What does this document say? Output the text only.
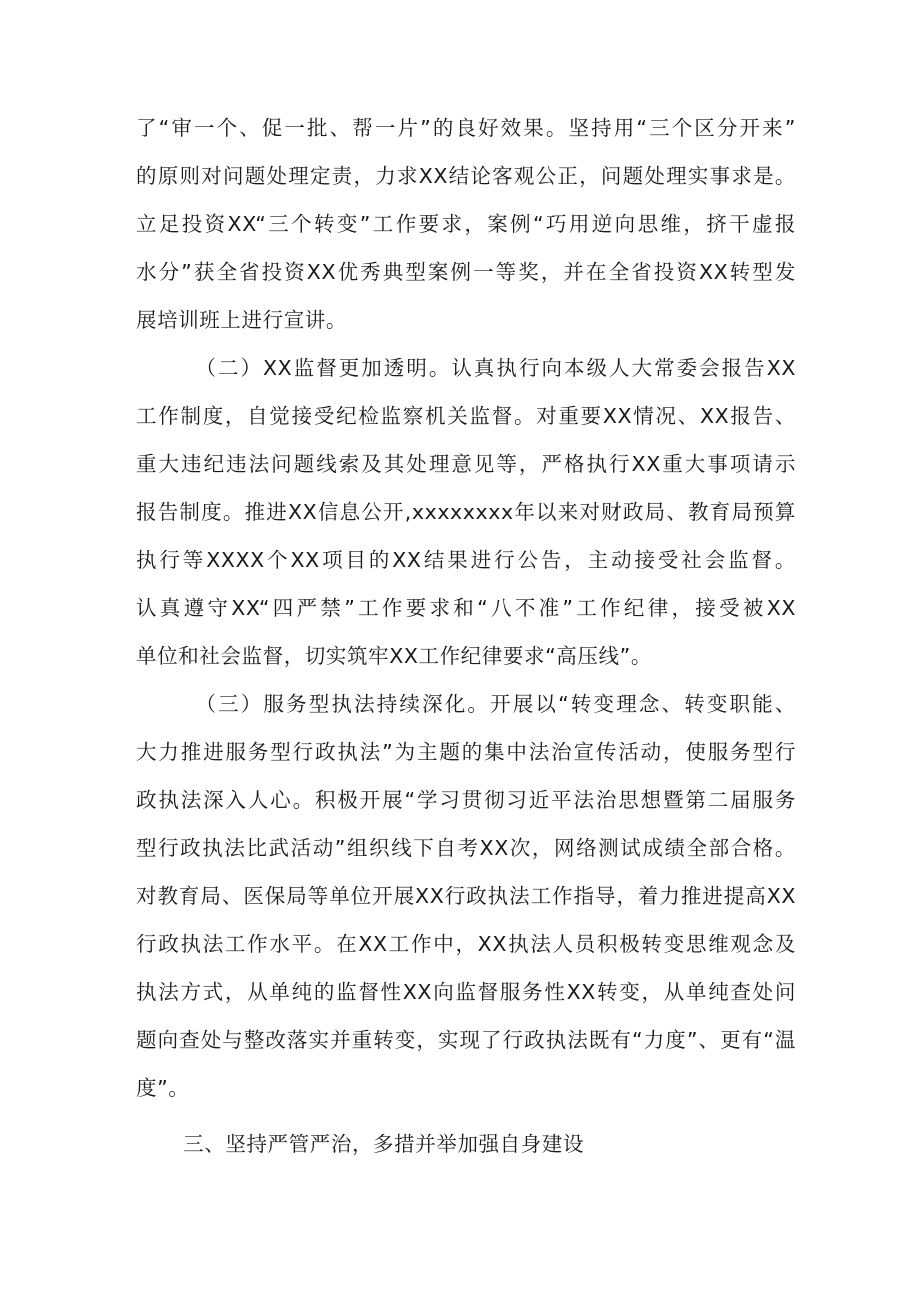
了“审一个、促一批、帮一片”的良好效果。坚持用“三个区分开来”
的原则对问题处理定责，力求XX结论客观公正，问题处理实事求是。
立足投资XX“三个转变”工作要求，案例“巧用逆向思维，挤干虚报
水分”获全省投资XX优秀典型案例一等奖，并在全省投资XX转型发
展培训班上进行宣讲。
（二）XX监督更加透明。认真执行向本级人大常委会报告XX
工作制度，自觉接受纪检监察机关监督。对重要XX情况、XX报告、
重大违纪违法问题线索及其处理意见等，严格执行XX重大事项请示
报告制度。推进XX信息公开,xxxxxxxx年以来对财政局、教育局预算
执行等XXXX个XX项目的XX结果进行公告，主动接受社会监督。
认真遵守XX“四严禁”工作要求和“八不准”工作纪律，接受被XX
单位和社会监督，切实筑牢XX工作纪律要求“高压线”。
（三）服务型执法持续深化。开展以“转变理念、转变职能、
大力推进服务型行政执法”为主题的集中法治宣传活动，使服务型行
政执法深入人心。积极开展“学习贯彻习近平法治思想暨第二届服务
型行政执法比武活动”组织线下自考XX次，网络测试成绩全部合格。
对教育局、医保局等单位开展XX行政执法工作指导，着力推进提高XX
行政执法工作水平。在XX工作中，XX执法人员积极转变思维观念及
执法方式，从单纯的监督性XX向监督服务性XX转变，从单纯查处问
题向查处与整改落实并重转变，实现了行政执法既有“力度”、更有“温
度”。
三、坚持严管严治，多措并举加强自身建设
